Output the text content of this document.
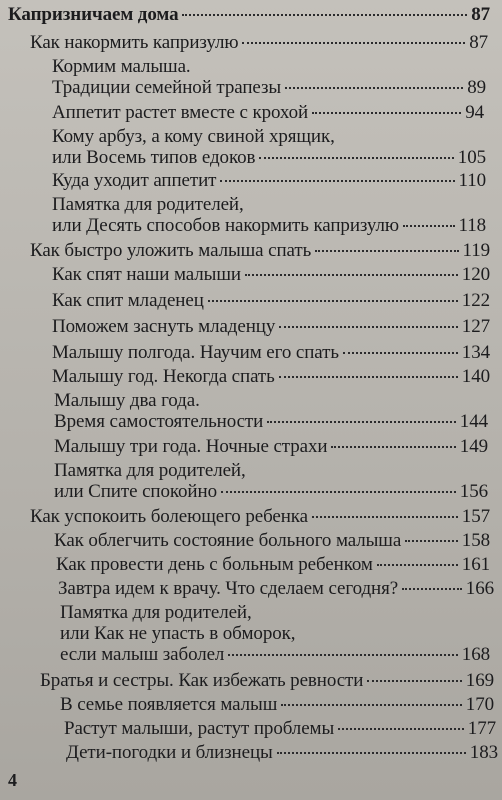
Капризничаем дома	87
Как накормить капризулю	87
Кормим малыша.
Традиции семейной трапезы	89
Аппетит растет вместе с крохой	94
Кому арбуз, а кому свиной хрящик,
или Восемь типов едоков	105
Куда уходит аппетит	110
Памятка для родителей,
или Десять способов накормить капризулю	118
Как быстро уложить малыша спать	119
Как спят наши малыши	120
Как спит младенец	122
Поможем заснуть младенцу	127
Малышу полгода. Научим его спать	134
Малышу год. Некогда спать	140
Малышу два года.
Время самостоятельности	144
Малышу три года. Ночные страхи	149
Памятка для родителей,
или Спите спокойно	156
Как успокоить болеющего ребенка	157
Как облегчить состояние больного малыша	158
Как провести день с больным ребенком	161
Завтра идем к врачу. Что сделаем сегодня?	166
Памятка для родителей,
или Как не упасть в обморок,
если малыш заболел	168
Братья и сестры. Как избежать ревности	169
В семье появляется малыш	170
Растут малыши, растут проблемы	177
Дети-погодки и близнецы	183
4
